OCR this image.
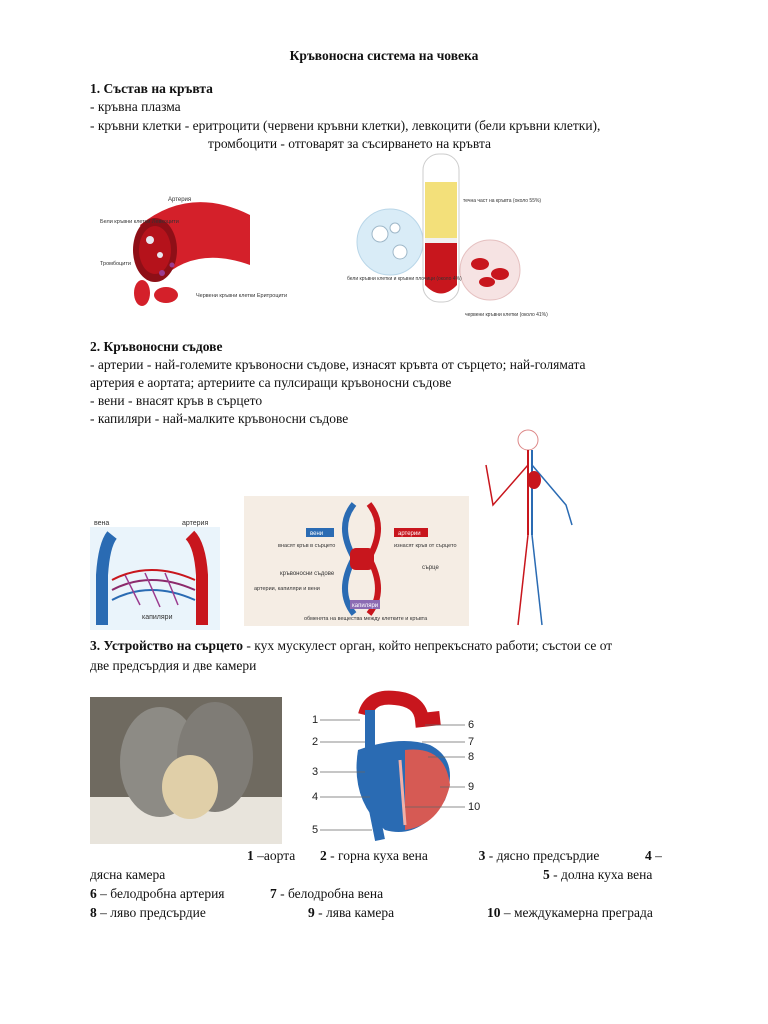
Кръвоносна система на човека
1. Състав на кръвта
- кръвна плазма
- кръвни клетки - еритроцити (червени кръвни клетки), левкоцити (бели кръвни клетки),
тромбоцити - отговарят за съсирването на кръвта
Артерия
Бели кръвни клетки Левкоцити
Тромбоцити
Червени кръвни клетки Еритроцити
течна част на кръвта (около 55%)
бели кръвни клетки и кръвни плочици (около 4%)
червени кръвни клетки (около 41%)
2. Кръвоносни съдове
- артерии - най-големите кръвоносни съдове, изнасят кръвта от сърцето; най-голямата
артерия е аортата; артериите са пулсиращи кръвоносни съдове
- вени - внасят кръв в сърцето
- капиляри - най-малките кръвоносни съдове
вена	артерия
капиляри
вени
внасят кръв в сърцето
артерии
изнасят кръв от сърцето
сърце
кръвоносни съдове
артерии, капиляри и вени
капиляри
обменята на вещества между клетките и кръвта
3. Устройство на сърцето - кух мускулест орган, който непрекъснато работи; състои се от
две предсърдия и две камери
1
2
3
4
5
6
7
8
9
10
1 –аорта 2 - горна куха вена	3 - дясно предсърдие	4 –
дясна камера	5 - долна куха вена
6 – белодробна артерия	7 - белодробна вена
8 – ляво предсърдие	9 - лява камера	10 – междукамерна преграда
